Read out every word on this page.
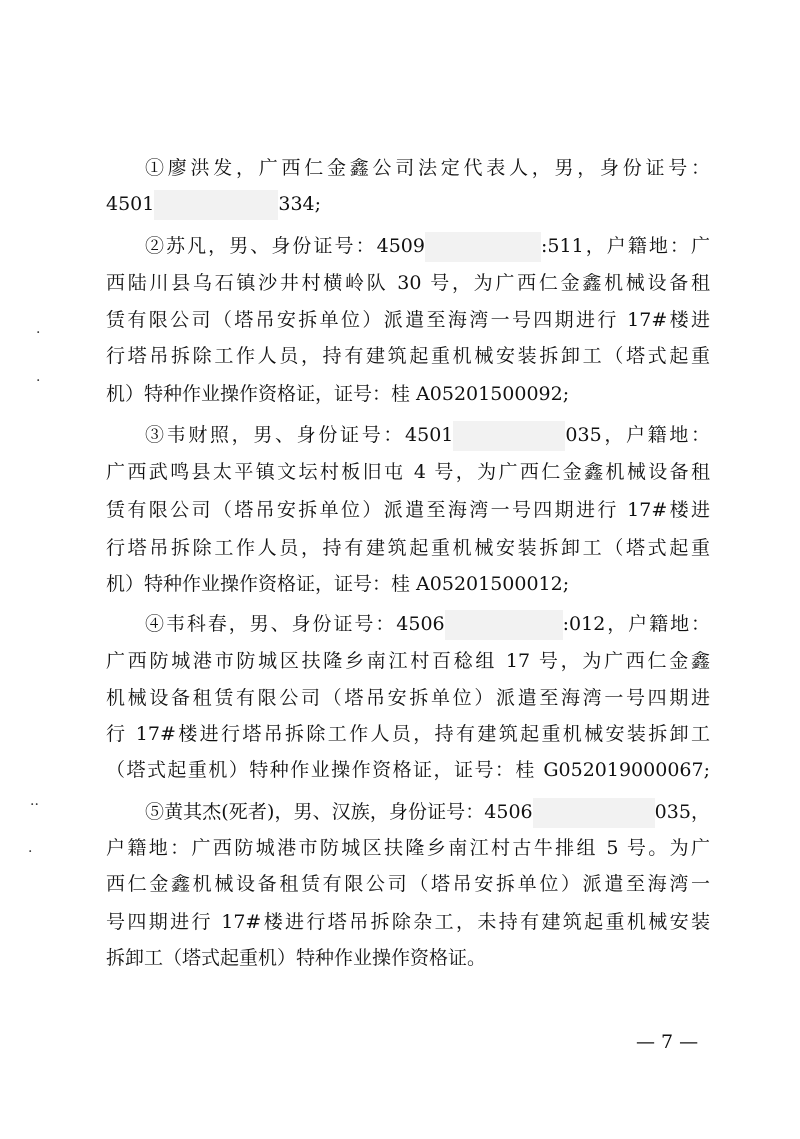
①廖洪发，广西仁金鑫公司法定代表人，男，身份证号：
4501	334;
②苏凡，男、身份证号：4509	:511，户籍地：广
西陆川县乌石镇沙井村横岭队 30 号，为广西仁金鑫机械设备租
赁有限公司（塔吊安拆单位）派遣至海湾一号四期进行 17#楼进
行塔吊拆除工作人员，持有建筑起重机械安装拆卸工（塔式起重
机）特种作业操作资格证，证号：桂 A05201500092;
③韦财照，男、身份证号：4501	035，户籍地：
广西武鸣县太平镇文坛村板旧屯 4 号，为广西仁金鑫机械设备租
赁有限公司（塔吊安拆单位）派遣至海湾一号四期进行 17#楼进
行塔吊拆除工作人员，持有建筑起重机械安装拆卸工（塔式起重
机）特种作业操作资格证，证号：桂 A05201500012;
④韦科春，男、身份证号：4506	:012，户籍地：
广西防城港市防城区扶隆乡南江村百稔组 17 号，为广西仁金鑫
机械设备租赁有限公司（塔吊安拆单位）派遣至海湾一号四期进
行 17#楼进行塔吊拆除工作人员，持有建筑起重机械安装拆卸工
（塔式起重机）特种作业操作资格证，证号：桂 G052019000067;
⑤黄其杰(死者)，男、汉族，身份证号：4506	035，
户籍地：广西防城港市防城区扶隆乡南江村古牛排组 5 号。为广
西仁金鑫机械设备租赁有限公司（塔吊安拆单位）派遣至海湾一
号四期进行 17#楼进行塔吊拆除杂工，未持有建筑起重机械安装
拆卸工（塔式起重机）特种作业操作资格证。
— 7 —
·
·
··
·
